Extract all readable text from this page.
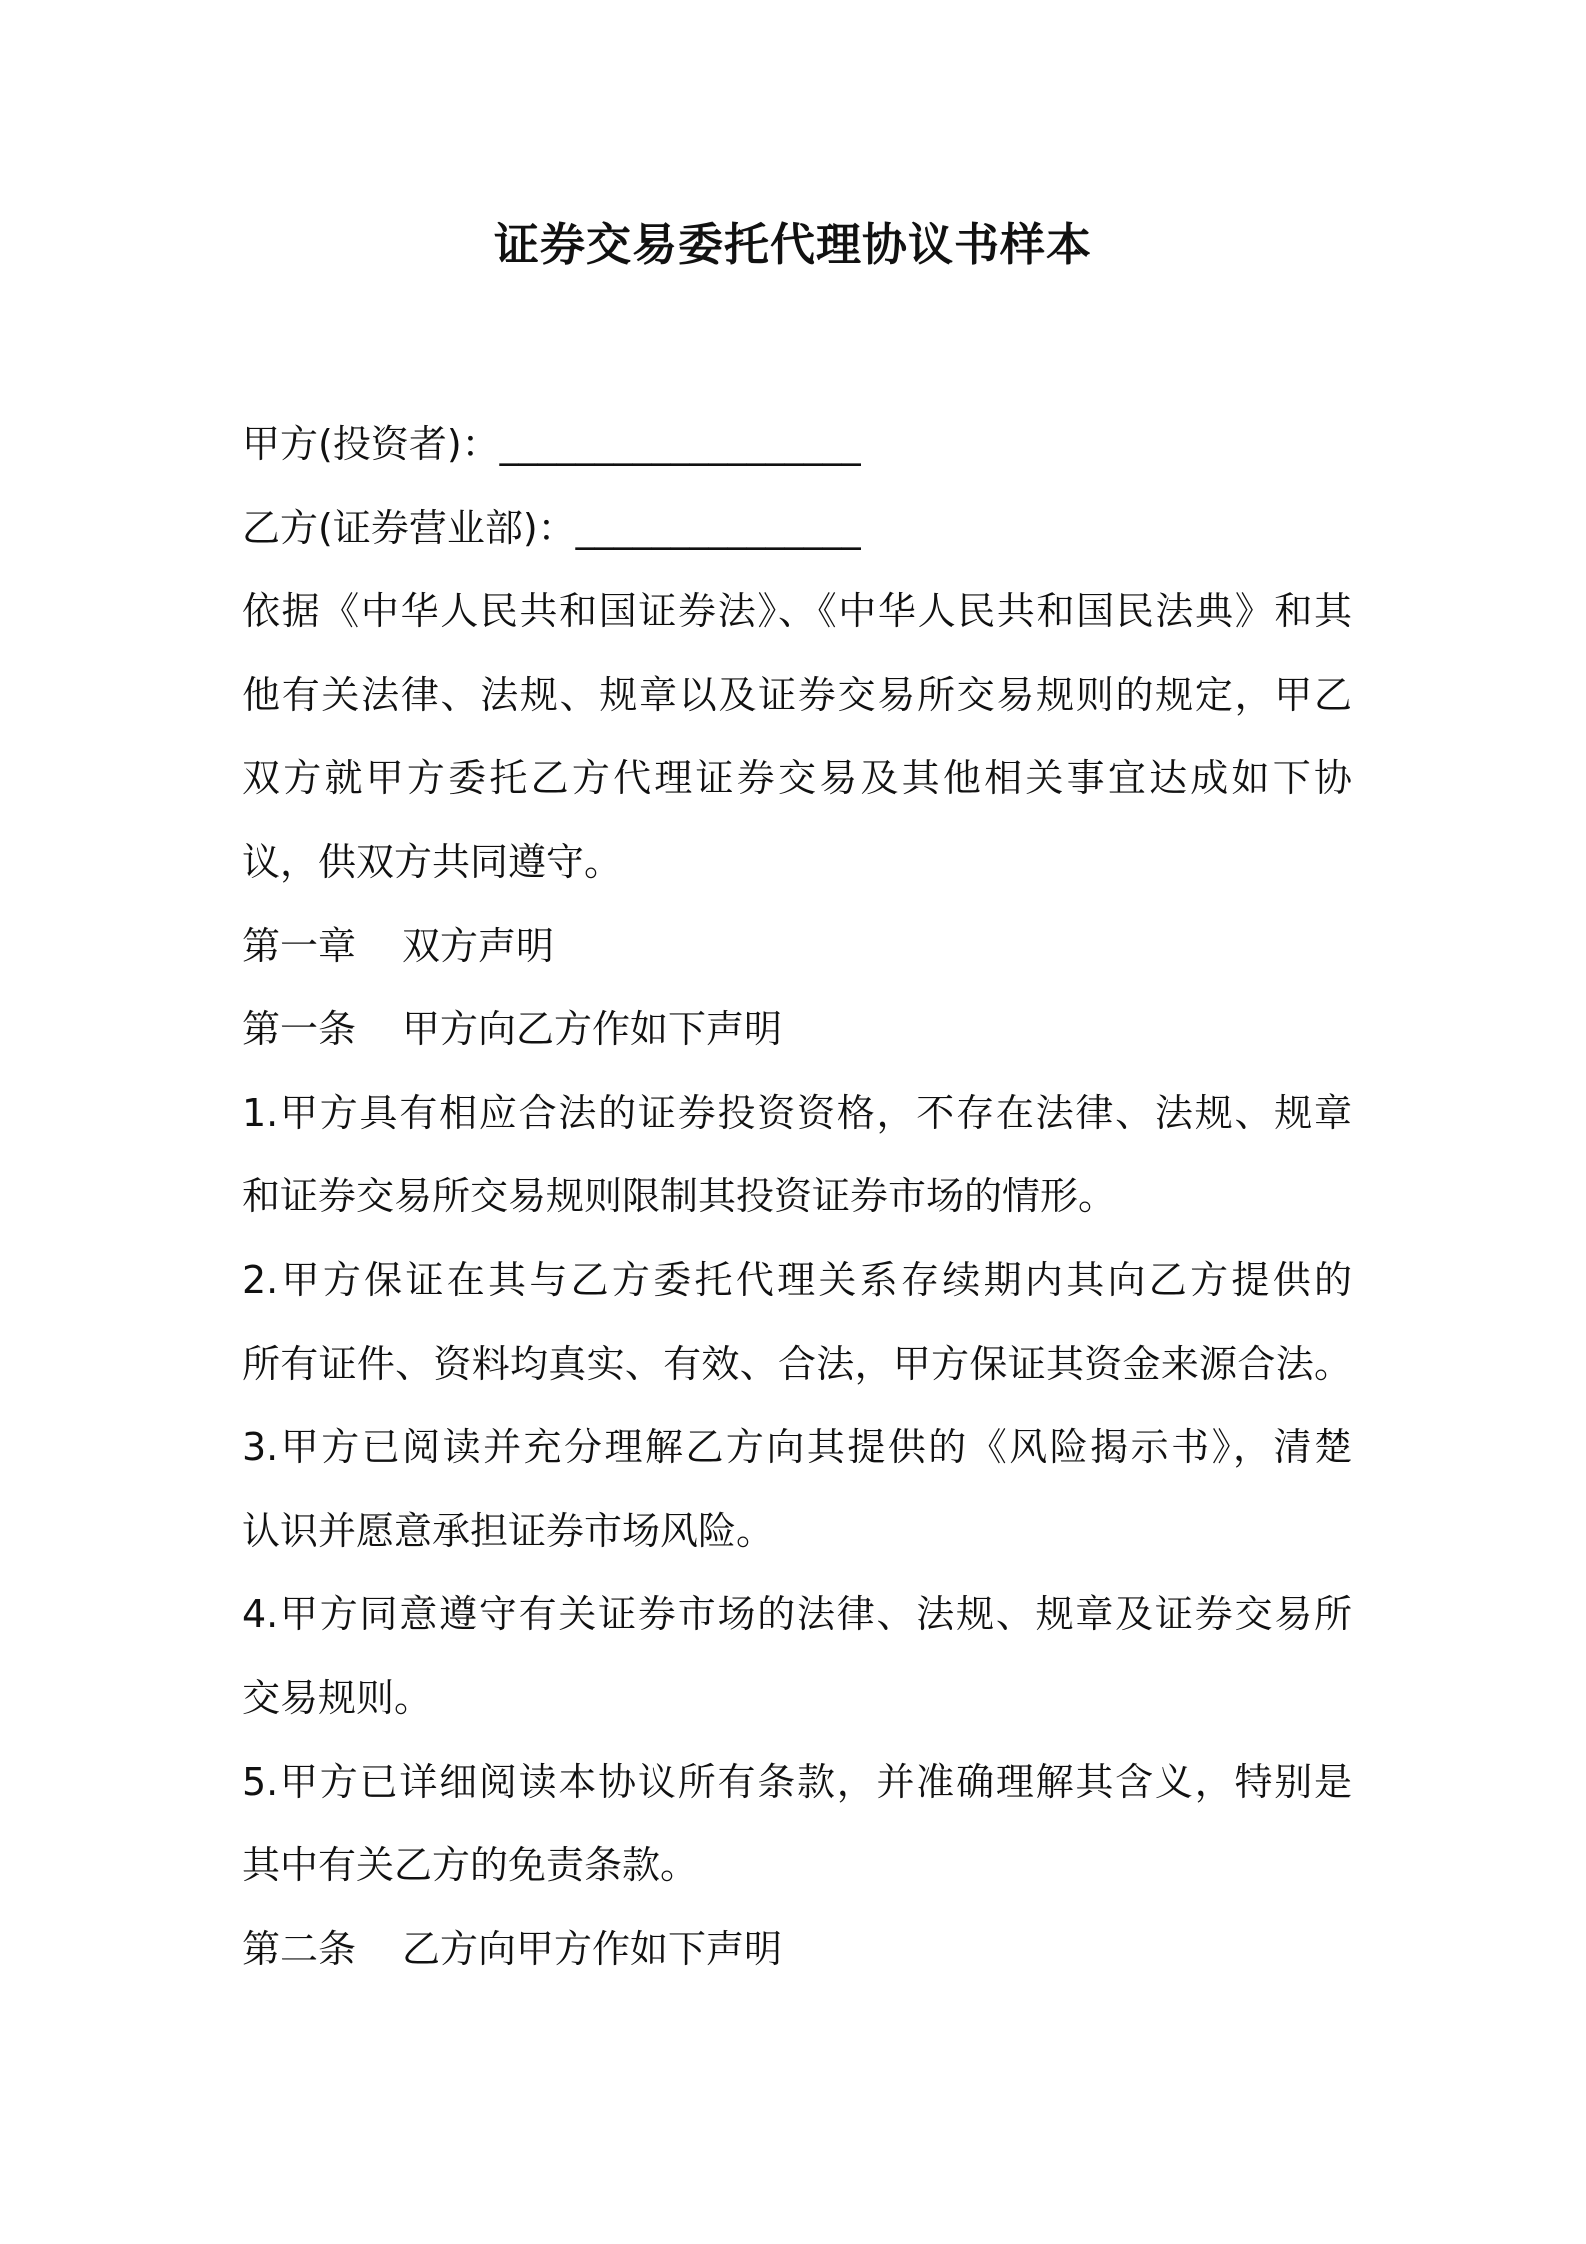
证券交易委托代理协议书样本
甲方(投资者)：___________________
乙方(证券营业部)：_______________
依据《中华人民共和国证券法》、《中华人民共和国民法典》和其
他有关法律、法规、规章以及证券交易所交易规则的规定，甲乙
双方就甲方委托乙方代理证券交易及其他相关事宜达成如下协
议，供双方共同遵守。
第一章 双方声明
第一条 甲方向乙方作如下声明
1.甲方具有相应合法的证券投资资格，不存在法律、法规、规章
和证券交易所交易规则限制其投资证券市场的情形。
2.甲方保证在其与乙方委托代理关系存续期内其向乙方提供的
所有证件、资料均真实、有效、合法，甲方保证其资金来源合法。
3.甲方已阅读并充分理解乙方向其提供的《风险揭示书》，清楚
认识并愿意承担证券市场风险。
4.甲方同意遵守有关证券市场的法律、法规、规章及证券交易所
交易规则。
5.甲方已详细阅读本协议所有条款，并准确理解其含义，特别是
其中有关乙方的免责条款。
第二条 乙方向甲方作如下声明
